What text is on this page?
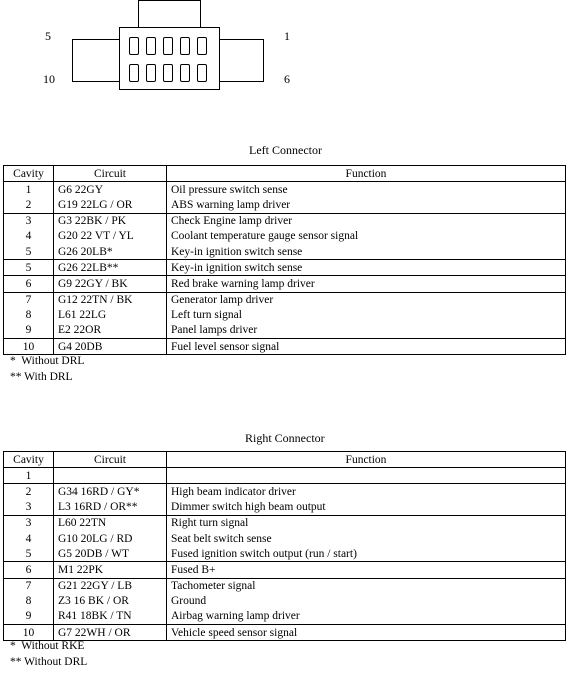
5
10
1
6
Left Connector
Cavity	Circuit	Function
1	G6 22GY	Oil pressure switch sense
2	G19 22LG / OR	ABS warning lamp driver
3	G3 22BK / PK	Check Engine lamp driver
4	G20 22 VT / YL	Coolant temperature gauge sensor signal
5	G26 20LB*	Key-in ignition switch sense
5	G26 22LB**	Key-in ignition switch sense
6	G9 22GY / BK	Red brake warning lamp driver
7	G12 22TN / BK	Generator lamp driver
8	L61 22LG	Left turn signal
9	E2 22OR	Panel lamps driver
10	G4 20DB	Fuel level sensor signal
*  Without DRL
** With DRL
Right Connector
Cavity	Circuit	Function
1		
2	G34 16RD / GY*	High beam indicator driver
3	L3 16RD / OR**	Dimmer switch high beam output
3	L60 22TN	Right turn signal
4	G10 20LG / RD	Seat belt switch sense
5	G5 20DB / WT	Fused ignition switch output (run / start)
6	M1 22PK	Fused B+
7	G21 22GY / LB	Tachometer signal
8	Z3 16 BK / OR	Ground
9	R41 18BK / TN	Airbag warning lamp driver
10	G7 22WH / OR	Vehicle speed sensor signal
*  Without RKE
** Without DRL
